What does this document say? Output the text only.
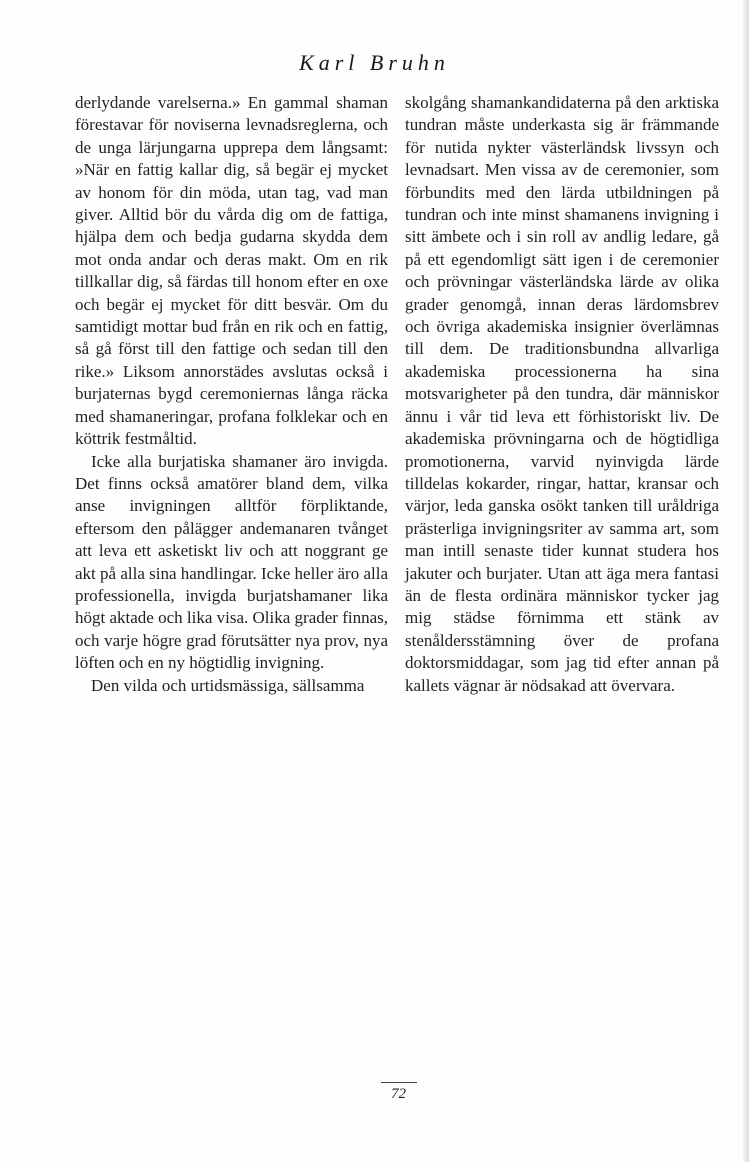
Karl Bruhn

derlydande varelserna.» En gammal shaman förestavar för noviserna levnadsreglerna, och de unga lärjungarna upprepa dem långsamt: »När en fattig kallar dig, så begär ej mycket av honom för din möda, utan tag, vad man giver. Alltid bör du vårda dig om de fattiga, hjälpa dem och bedja gudarna skydda dem mot onda andar och deras makt. Om en rik tillkallar dig, så färdas till honom efter en oxe och begär ej mycket för ditt besvär. Om du samtidigt mottar bud från en rik och en fattig, så gå först till den fattige och sedan till den rike.» Liksom annorstädes avslutas också i burjaternas bygd ceremoniernas långa räcka med shamaneringar, profana folklekar och en köttrik festmåltid.

Icke alla burjatiska shamaner äro invigda. Det finns också amatörer bland dem, vilka anse invigningen alltför förpliktande, eftersom den pålägger andemanaren tvånget att leva ett asketiskt liv och att noggrant ge akt på alla sina handlingar. Icke heller äro alla professionella, invigda burjatshamaner lika högt aktade och lika visa. Olika grader finnas, och varje högre grad förutsätter nya prov, nya löften och en ny högtidlig invigning.

Den vilda och urtidsmässiga, sällsamma

skolgång shamankandidaterna på den arktiska tundran måste underkasta sig är främmande för nutida nykter västerländsk livssyn och levnadsart. Men vissa av de ceremonier, som förbundits med den lärda utbildningen på tundran och inte minst shamanens invigning i sitt ämbete och i sin roll av andlig ledare, gå på ett egendomligt sätt igen i de ceremonier och prövningar västerländska lärde av olika grader genomgå, innan deras lärdomsbrev och övriga akademiska insignier överlämnas till dem. De traditionsbundna allvarliga akademiska processionerna ha sina motsvarigheter på den tundra, där människor ännu i vår tid leva ett förhistoriskt liv. De akademiska prövningarna och de högtidliga promotionerna, varvid nyinvigda lärde tilldelas kokarder, ringar, hattar, kransar och värjor, leda ganska osökt tanken till uråldriga prästerliga invigningsriter av samma art, som man intill senaste tider kunnat studera hos jakuter och burjater. Utan att äga mera fantasi än de flesta ordinära människor tycker jag mig städse förnimma ett stänk av stenåldersstämning över de profana doktorsmiddagar, som jag tid efter annan på kallets vägnar är nödsakad att övervara.

72
